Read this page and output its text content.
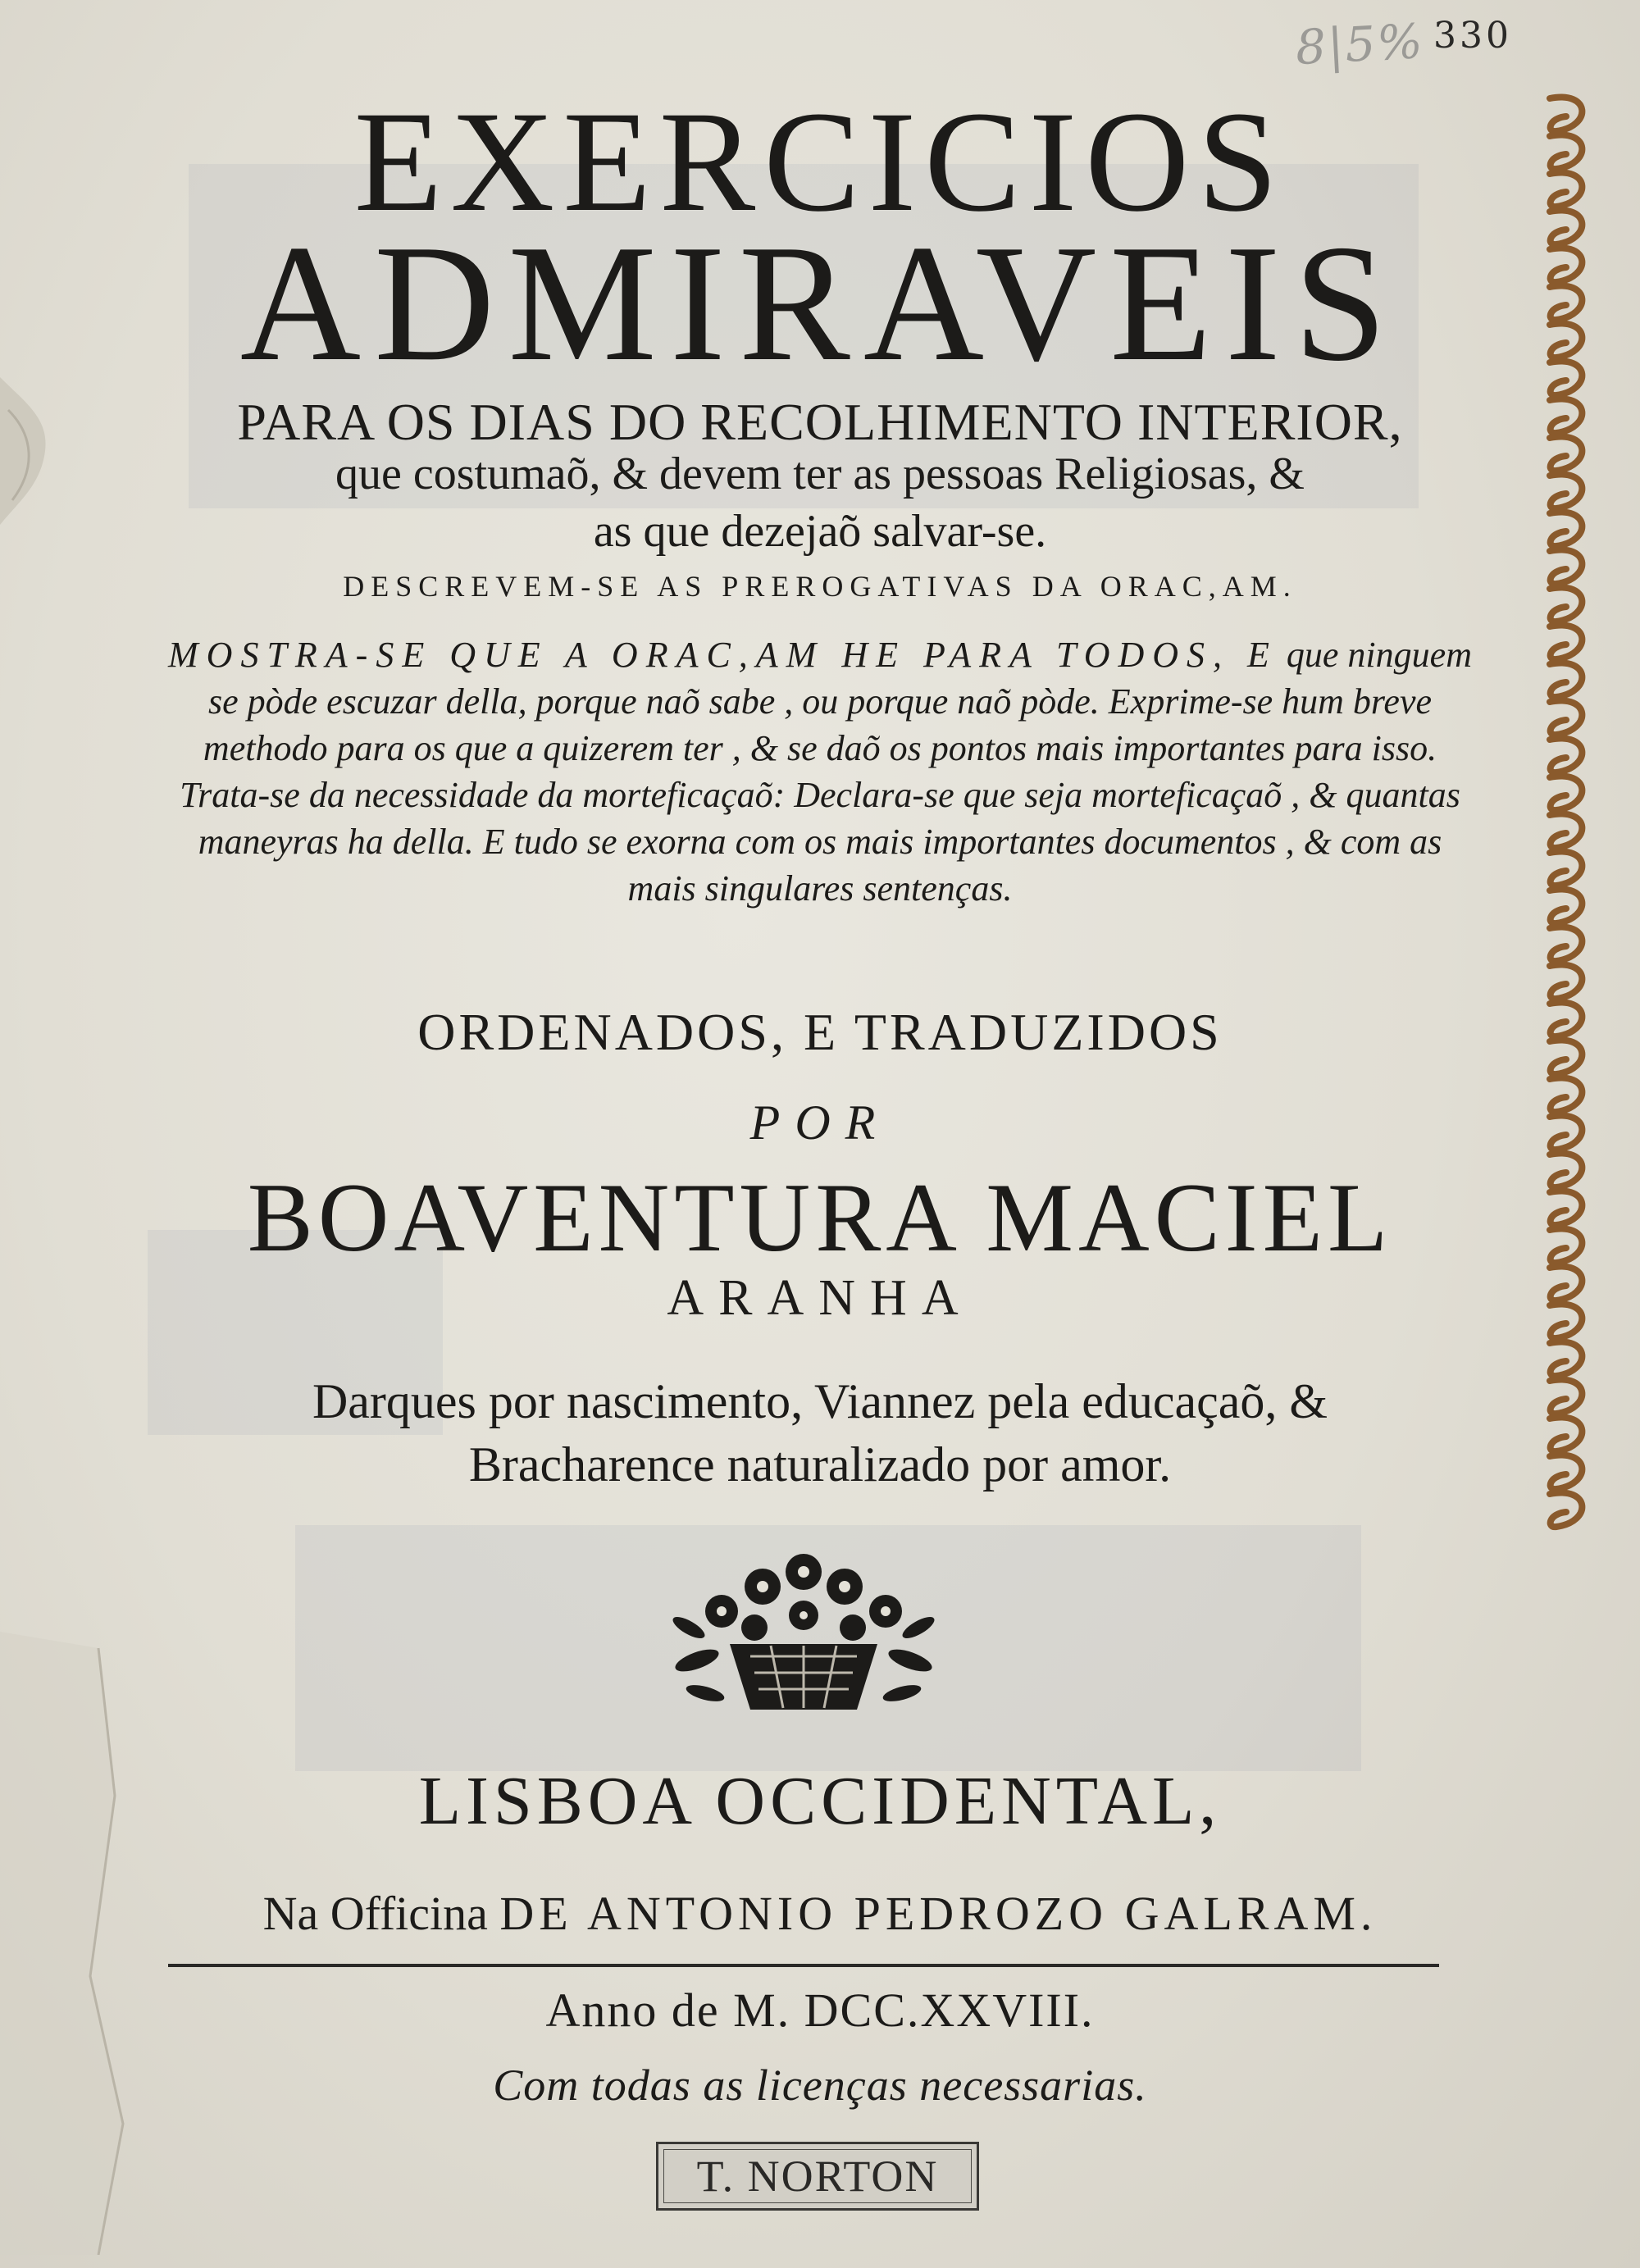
8|5% 330
EXERCICIOS
ADMIRAVEIS
PARA OS DIAS DO RECOLHIMENTO INTERIOR,
que costumaõ, & devem ter as pessoas Religiosas, &
as que dezejaõ salvar-se.
DESCREVEM-SE AS PREROGATIVAS DA ORAC,AM.
MOSTRA-SE QUE A ORAC,AM HE PARA TODOS, E que ninguem se pòde escuzar della, porque naõ sabe , ou porque naõ pòde. Exprime-se hum breve methodo para os que a quizerem ter , & se daõ os pontos mais importantes para isso. Trata-se da necessidade da morteficaçaõ: Declara-se que seja morteficaçaõ , & quantas maneyras ha della. E tudo se exorna com os mais importantes documentos , & com as mais singulares sentenças.
ORDENADOS, E TRADUZIDOS
POR
BOAVENTURA MACIEL
ARANHA
Darques por nascimento, Viannez pela educaçaõ, &
Bracharence naturalizado por amor.
LISBOA OCCIDENTAL,
Na Officina DE ANTONIO PEDROZO GALRAM.
Anno de M. DCC.XXVIII.
Com todas as licenças necessarias.
T. NORTON
